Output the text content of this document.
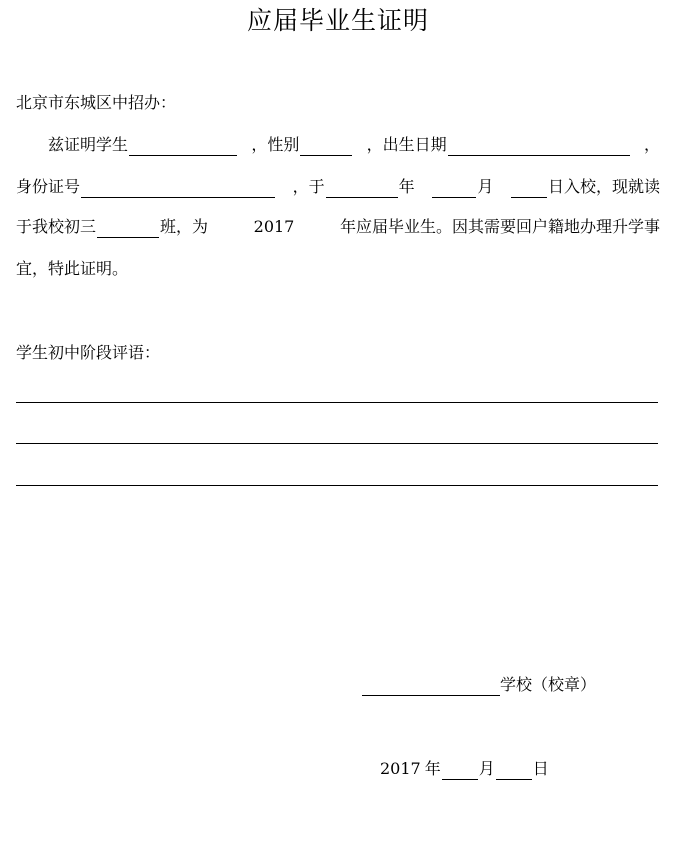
应届毕业生证明
北京市东城区中招办：
兹证明学生	，性别	，出生日期	，
身份证号	，于	年	月	日入校，现就读
于我校初三	班，为	2017	年应届毕业生。因其需要回户籍地办理升学事
宜，特此证明。
学生初中阶段评语：
学校（校章）
2017 年 月 日
